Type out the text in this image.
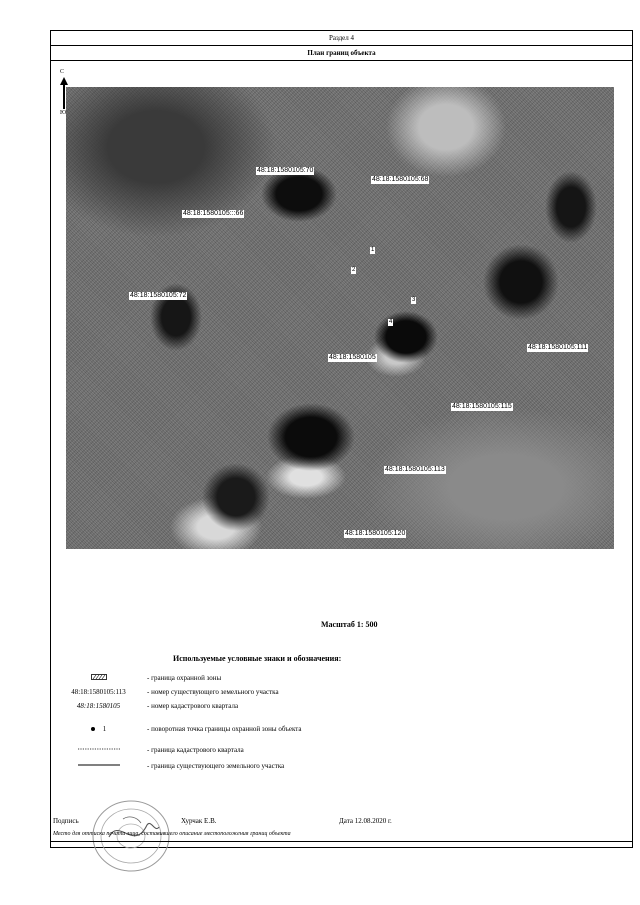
Раздел 4
План границ объекта
С
Ю
48:18:1580105:70
48:18:1580105:68
48:18:1580105:::66
48:18:1580105:72
48:18:1580105:111
48:18:1580105:115
48:18:1580105:113
48:18:1580105:120
48:18:1580105
1
2
3
4
Масштаб 1: 500
Используемые условные знаки и обозначения:
- граница охранной зоны
48:18:1580105:113	- номер существующего земельного участка
48:18:1580105	- номер кадастрового квартала
1	- поворотная точка границы охранной зоны объекта
- граница кадастрового квартала
- граница существующего земельного участка
Подпись	Хурчак Е.В.	Дата 12.08.2020 г.
Место для оттиска печати лица, составившего описание местоположения границ объекта
